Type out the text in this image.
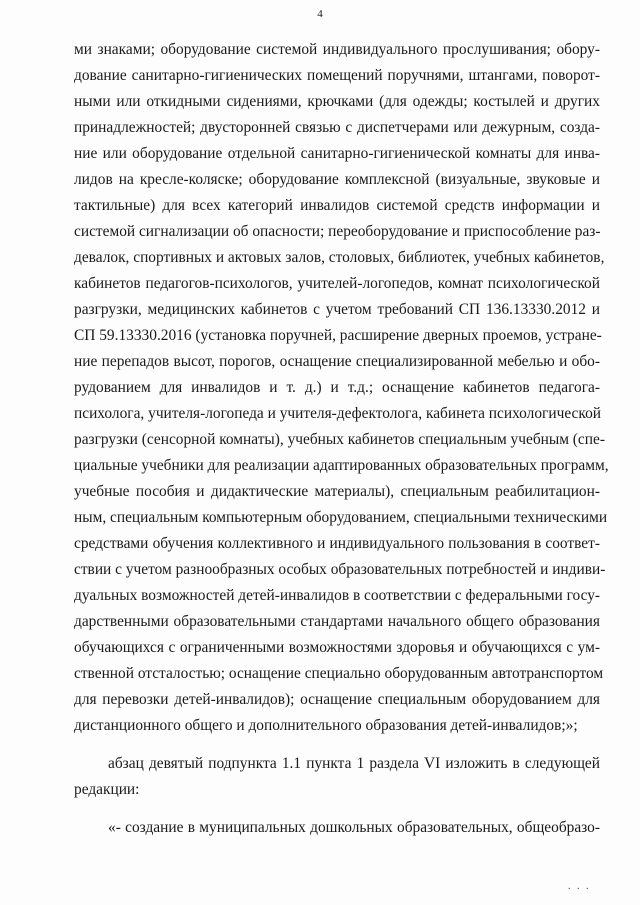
4
ми знаками; оборудование системой индивидуального прослушивания; обору-
дование санитарно-гигиенических помещений поручнями, штангами, поворот-
ными или откидными сидениями, крючками (для одежды; костылей и других
принадлежностей; двусторонней связью с диспетчерами или дежурным, созда-
ние или оборудование отдельной санитарно-гигиенической комнаты для инва-
лидов на кресле-коляске; оборудование комплексной (визуальные, звуковые и
тактильные) для всех категорий инвалидов системой средств информации и
системой сигнализации об опасности; переоборудование и приспособление раз-
девалок, спортивных и актовых залов, столовых, библиотек, учебных кабинетов,
кабинетов педагогов-психологов, учителей-логопедов, комнат психологической
разгрузки, медицинских кабинетов с учетом требований СП 136.13330.2012 и
СП 59.13330.2016 (установка поручней, расширение дверных проемов, устране-
ние перепадов высот, порогов, оснащение специализированной мебелью и обо-
рудованием для инвалидов и т. д.) и т.д.; оснащение кабинетов педагога-
психолога, учителя-логопеда и учителя-дефектолога, кабинета психологической
разгрузки (сенсорной комнаты), учебных кабинетов специальным учебным (спе-
циальные учебники для реализации адаптированных образовательных программ,
учебные пособия и дидактические материалы), специальным реабилитацион-
ным, специальным компьютерным оборудованием, специальными техническими
средствами обучения коллективного и индивидуального пользования в соответ-
ствии с учетом разнообразных особых образовательных потребностей и индиви-
дуальных возможностей детей-инвалидов в соответствии с федеральными госу-
дарственными образовательными стандартами начального общего образования
обучающихся с ограниченными возможностями здоровья и обучающихся с ум-
ственной отсталостью; оснащение специально оборудованным автотранспортом
для перевозки детей-инвалидов); оснащение специальным оборудованием для
дистанционного общего и дополнительного образования детей-инвалидов;»;
абзац девятый подпункта 1.1 пункта 1 раздела VI изложить в следующей
редакции:
«- создание в муниципальных дошкольных образовательных, общеобразо-
. . .
